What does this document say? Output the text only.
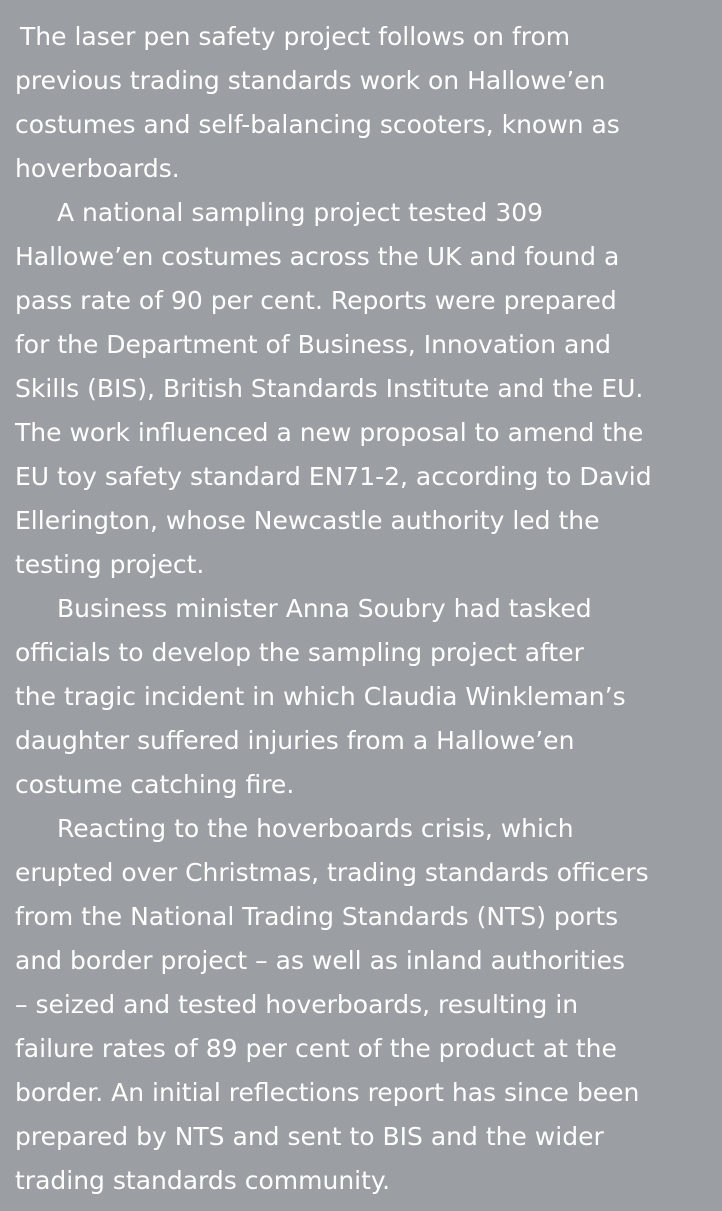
The laser pen safety project follows on from
previous trading standards work on Hallowe’en
costumes and self-balancing scooters, known as
hoverboards.
A national sampling project tested 309
Hallowe’en costumes across the UK and found a
pass rate of 90 per cent. Reports were prepared
for the Department of Business, Innovation and
Skills (BIS), British Standards Institute and the EU.
The work influenced a new proposal to amend the
EU toy safety standard EN71-2, according to David
Ellerington, whose Newcastle authority led the
testing project.
Business minister Anna Soubry had tasked
officials to develop the sampling project after
the tragic incident in which Claudia Winkleman’s
daughter suffered injuries from a Hallowe’en
costume catching fire.
Reacting to the hoverboards crisis, which
erupted over Christmas, trading standards officers
from the National Trading Standards (NTS) ports
and border project – as well as inland authorities
– seized and tested hoverboards, resulting in
failure rates of 89 per cent of the product at the
border. An initial reflections report has since been
prepared by NTS and sent to BIS and the wider
trading standards community.
